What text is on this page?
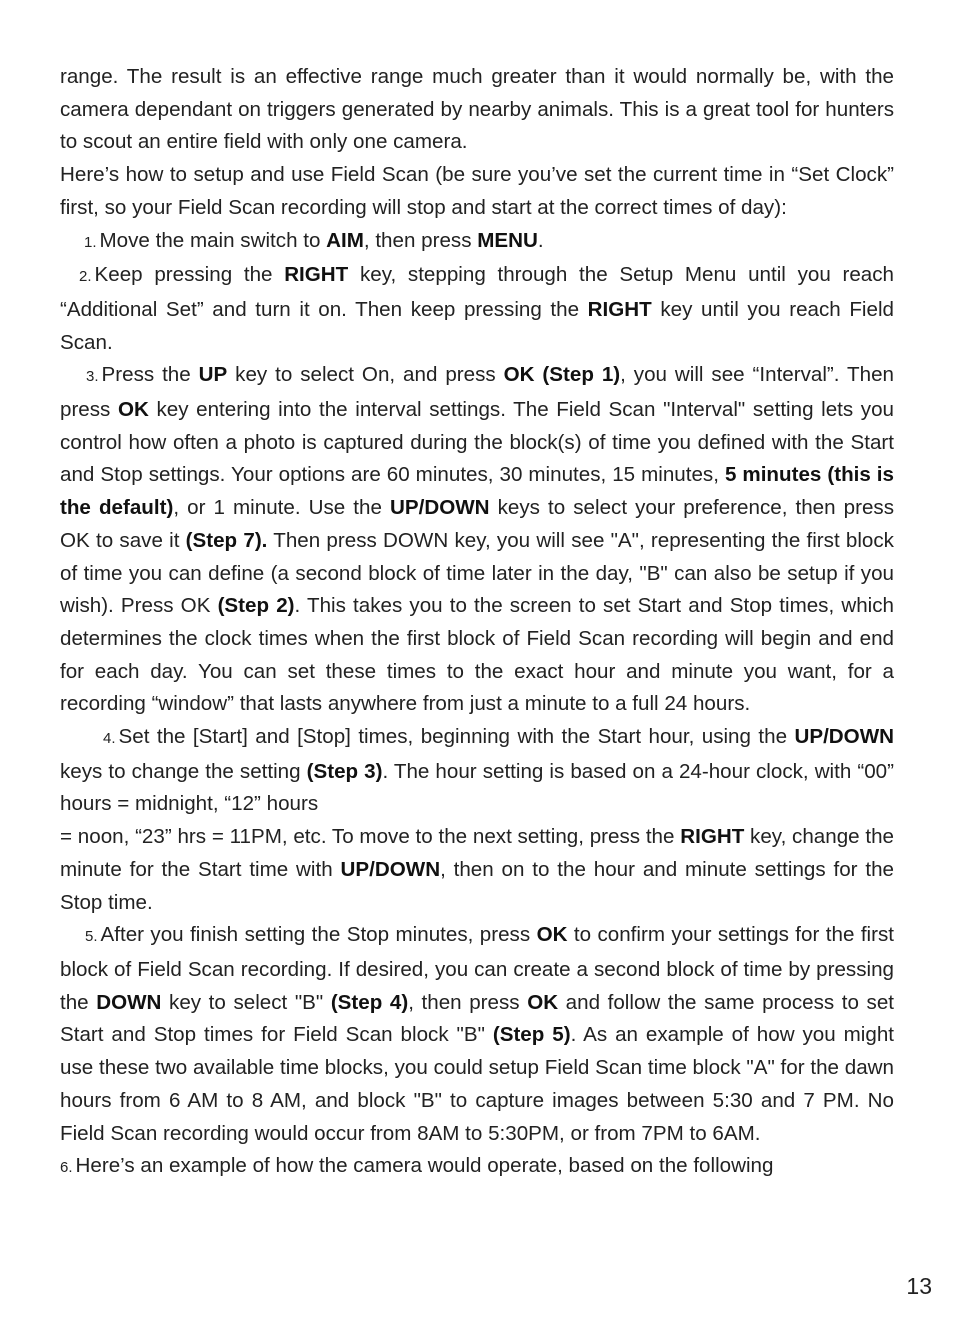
range. The result is an effective range much greater than it would normally be, with the camera dependant on triggers generated by nearby animals. This is a great tool for hunters to scout an entire field with only one camera.

Here’s how to setup and use Field Scan (be sure you’ve set the current time in “Set Clock” first, so your Field Scan recording will stop and start at the correct times of day):

1. Move the main switch to AIM, then press MENU.

2. Keep pressing the RIGHT key, stepping through the Setup Menu until you reach “Additional Set” and turn it on. Then keep pressing the RIGHT key until you reach Field Scan.

3. Press the UP key to select On, and press OK (Step 1), you will see “Interval”. Then press OK key entering into the interval settings. The Field Scan "Interval" setting lets you control how often a photo is captured during the block(s) of time you defined with the Start and Stop settings. Your options are 60 minutes, 30 minutes, 15 minutes, 5 minutes (this is the default), or 1 minute. Use the UP/DOWN keys to select your preference, then press OK to save it (Step 7). Then press DOWN key, you will see "A", representing the first block of time you can define (a second block of time later in the day, "B" can also be setup if you wish). Press OK (Step 2). This takes you to the screen to set Start and Stop times, which determines the clock times when the first block of Field Scan recording will begin and end for each day. You can set these times to the exact hour and minute you want, for a recording “window” that lasts anywhere from just a minute to a full 24 hours.

4. Set the [Start] and [Stop] times, beginning with the Start hour, using the UP/DOWN keys to change the setting (Step 3). The hour setting is based on a 24-hour clock, with “00” hours = midnight, “12” hours

= noon, “23” hrs = 11PM, etc. To move to the next setting, press the RIGHT key, change the minute for the Start time with UP/DOWN, then on to the hour and minute settings for the Stop time.

5. After you finish setting the Stop minutes, press OK to confirm your settings for the first block of Field Scan recording. If desired, you can create a second block of time by pressing the DOWN key to select "B" (Step 4), then press OK and follow the same process to set Start and Stop times for Field Scan block "B" (Step 5). As an example of how you might use these two available time blocks, you could setup Field Scan time block "A" for the dawn hours from 6 AM to 8 AM, and block "B" to capture images between 5:30 and 7 PM. No Field Scan recording would occur from 8AM to 5:30PM, or from 7PM to 6AM.

6. Here’s an example of how the camera would operate, based on the following

13
